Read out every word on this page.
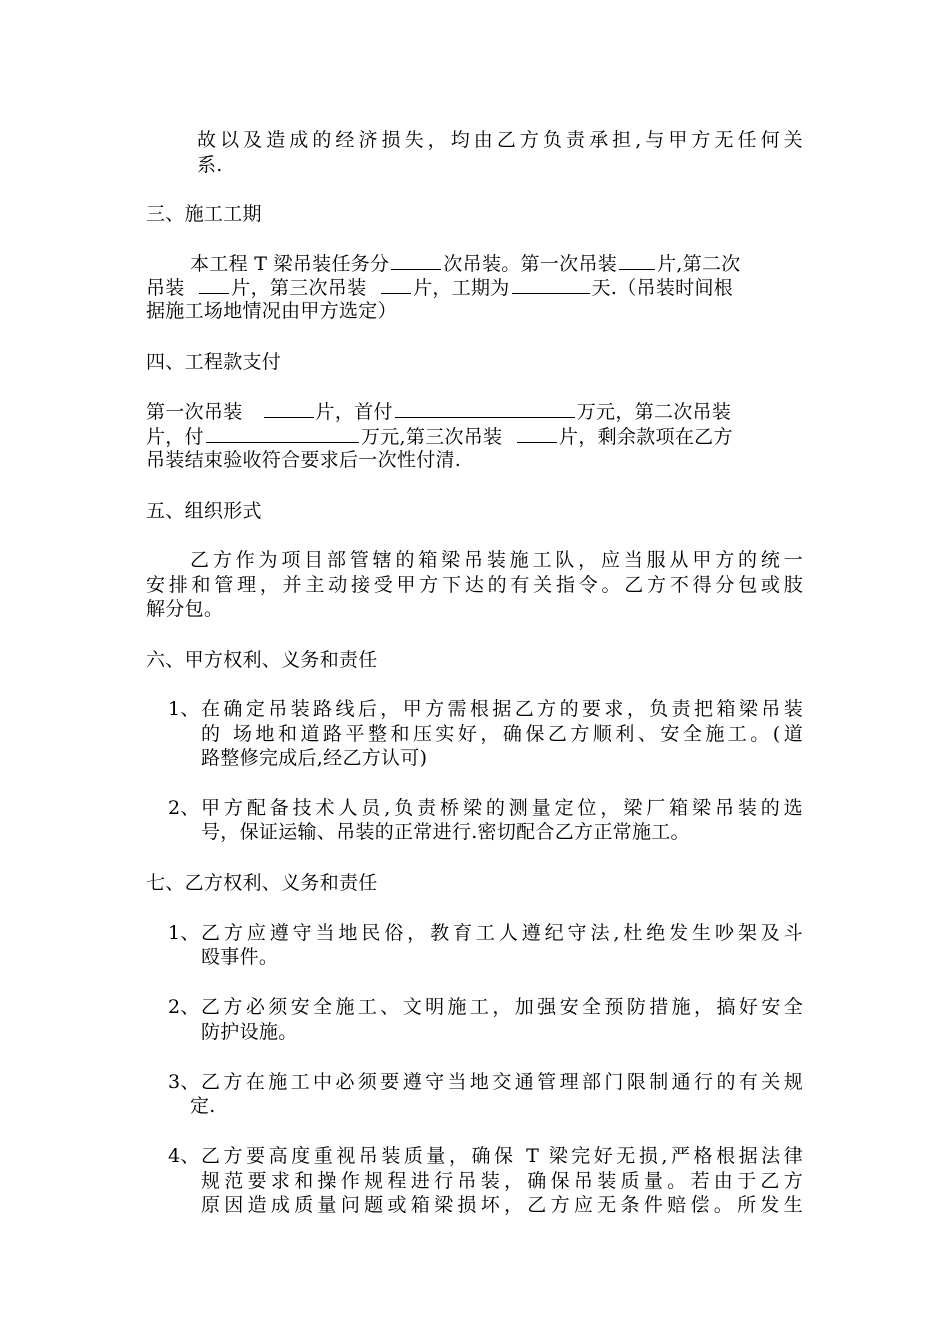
故以及造成的经济损失，均由乙方负责承担,与甲方无任何关
系.
三、施工工期
本工程 T 梁吊装任务分	次吊装。第一次吊装 片,第二次
吊装 片，第三次吊装 片，工期为	天.（吊装时间根
据施工场地情况由甲方选定）
四、工程款支付
第一次吊装	片，首付	万元，第二次吊装
片，付	万元,第三次吊装	片，剩余款项在乙方
吊装结束验收符合要求后一次性付清.
五、组织形式
乙方作为项目部管辖的箱梁吊装施工队，应当服从甲方的统一
安排和管理，并主动接受甲方下达的有关指令。乙方不得分包或肢
解分包。
六、甲方权利、义务和责任
1、 在确定吊装路线后，甲方需根据乙方的要求，负责把箱梁吊装
的 场地和道路平整和压实好，确保乙方顺利、安全施工。(道
路整修完成后,经乙方认可)
2、 甲方配备技术人员,负责桥梁的测量定位，梁厂箱梁吊装的选
号，保证运输、吊装的正常进行.密切配合乙方正常施工。
七、乙方权利、义务和责任
1、 乙方应遵守当地民俗，教育工人遵纪守法,杜绝发生吵架及斗
殴事件。
2、 乙方必须安全施工、文明施工，加强安全预防措施，搞好安全
防护设施。
3、 乙方在施工中必须要遵守当地交通管理部门限制通行的有关规
定.
4、 乙方要高度重视吊装质量，确保 T 梁完好无损,严格根据法律
规范要求和操作规程进行吊装，确保吊装质量。若由于乙方
原因造成质量问题或箱梁损坏，乙方应无条件赔偿。所发生
